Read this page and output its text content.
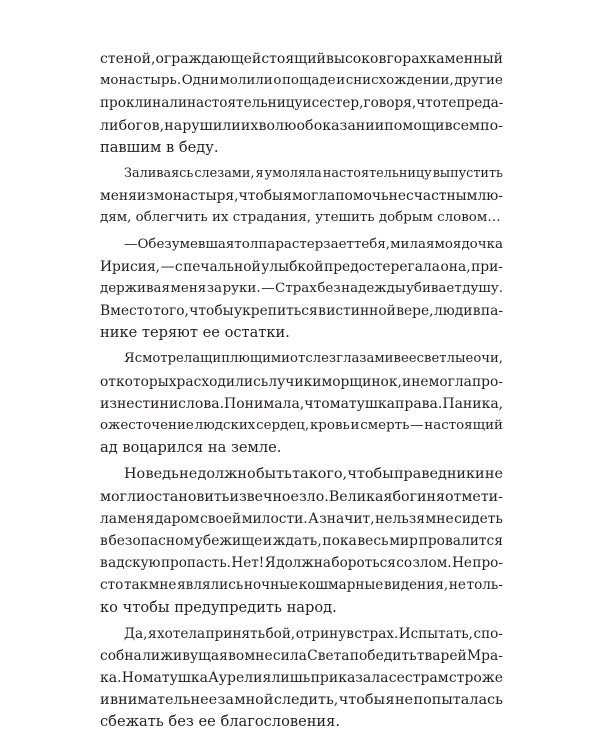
стеной, ограждающей стоящий высоко в горах каменный
монастырь. Одни молили о пощаде и снисхождении, другие
проклинали настоятельницу и сестер, говоря, что те преда-
ли богов, нарушили их волю об оказании помощи всем по-
павшим в беду.
Заливаясь слезами, я умоляла настоятельницу выпустить
меня из монастыря, чтобы я могла помочь несчастным лю-
дям, облегчить их страдания, утешить добрым словом…
— Обезумевшая толпа растерзает тебя, милая моя дочка
Ирисия, — с печальной улыбкой предостерегала она, при-
держивая меня за руки. — Страх без надежды убивает душу.
Вместо того, чтобы укрепиться в истинной вере, люди в па-
нике теряют ее остатки.
Я смотрела щиплющими от слез глазами в ее светлые очи,
от которых расходились лучики морщинок, и не могла про-
изнести ни слова. Понимала, что матушка права. Паника,
ожесточение людских сердец, кровь и смерть — настоящий
ад воцарился на земле.
Но ведь не должно быть такого, чтобы праведники не
могли остановить извечное зло. Великая богиня отмети-
ла меня даром своей милости. А значит, нельзя мне сидеть
в безопасном убежище и ждать, пока весь мир провалится
в адскую пропасть. Нет! Я должна бороться со злом. Не про-
сто так мне являлись ночные кошмарные видения, не толь-
ко чтобы предупредить народ.
Да, я хотела принять бой, отринув страх. Испытать, спо-
собна ли живущая во мне сила Света победить тварей Мра-
ка. Но матушка Аурелия лишь приказала сестрам строже
и внимательнее за мной следить, чтобы я не попыталась
сбежать без ее благословения.
